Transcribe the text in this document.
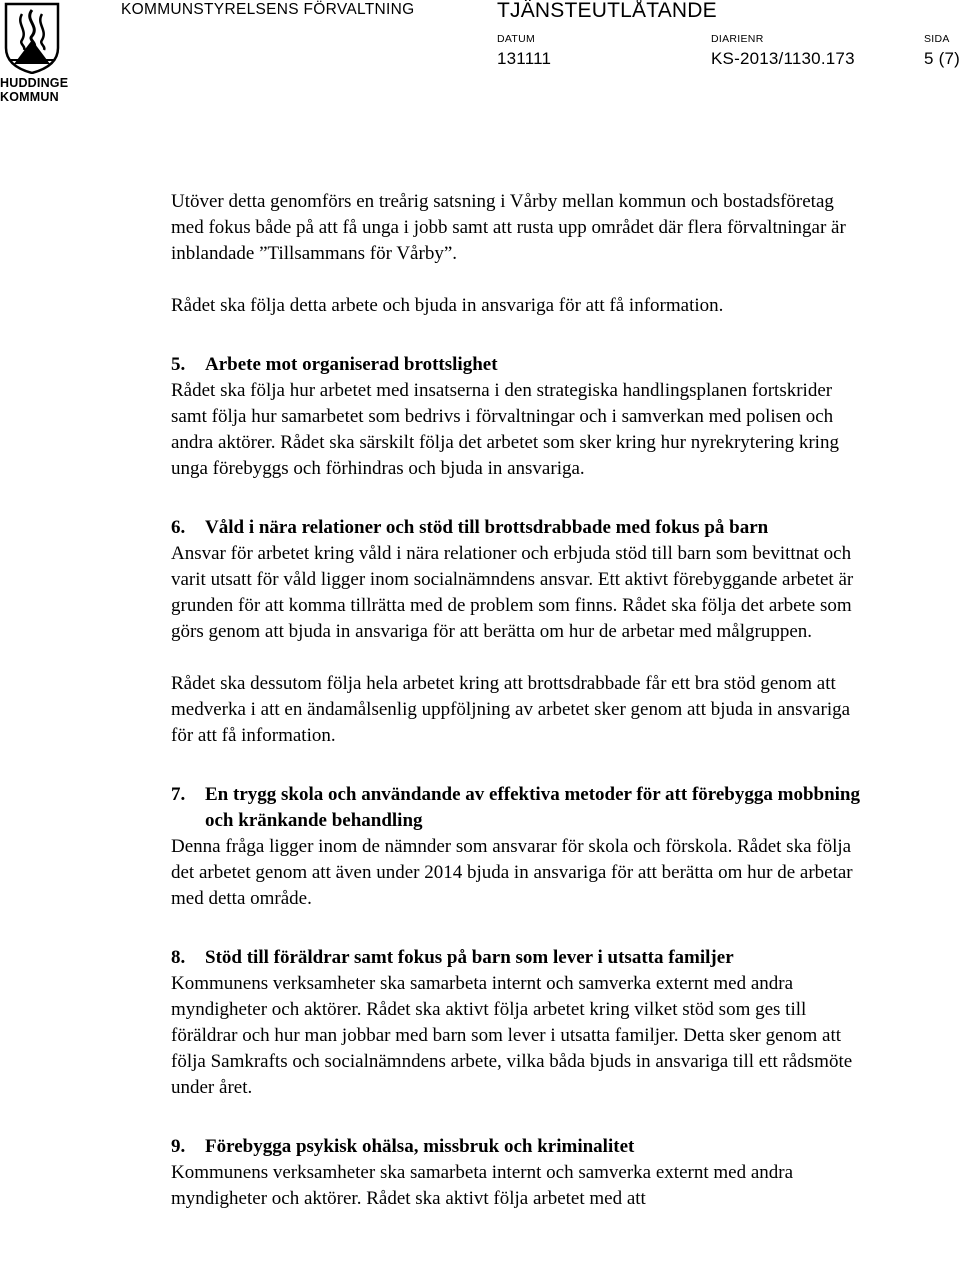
HUDDINGE
KOMMUN
KOMMUNSTYRELSENS FÖRVALTNING	TJÄNSTEUTLÅTANDE
DATUM	DIARIENR	SIDA
131111	KS-2013/1130.173	5 (7)

Utöver detta genomförs en treårig satsning i Vårby mellan kommun och bostadsföretag med fokus både på att få unga i jobb samt att rusta upp området där flera förvaltningar är inblandade ”Tillsammans för Vårby”.

Rådet ska följa detta arbete och bjuda in ansvariga för att få information.

5.	Arbete mot organiserad brottslighet

Rådet ska följa hur arbetet med insatserna i den strategiska handlingsplanen fortskrider samt följa hur samarbetet som bedrivs i förvaltningar och i samverkan med polisen och andra aktörer. Rådet ska särskilt följa det arbetet som sker kring hur nyrekrytering kring unga förebyggs och förhindras och bjuda in ansvariga.

6.	Våld i nära relationer och stöd till brottsdrabbade med fokus på barn

Ansvar för arbetet kring våld i nära relationer och erbjuda stöd till barn som bevittnat och varit utsatt för våld ligger inom socialnämndens ansvar. Ett aktivt förebyggande arbetet är grunden för att komma tillrätta med de problem som finns. Rådet ska följa det arbete som görs genom att bjuda in ansvariga för att berätta om hur de arbetar med målgruppen.

Rådet ska dessutom följa hela arbetet kring att brottsdrabbade får ett bra stöd genom att medverka i att en ändamålsenlig uppföljning av arbetet sker genom att bjuda in ansvariga för att få information.

7.	En trygg skola och användande av effektiva metoder för att förebygga mobbning och kränkande behandling

Denna fråga ligger inom de nämnder som ansvarar för skola och förskola. Rådet ska följa det arbetet genom att även under 2014 bjuda in ansvariga för att berätta om hur de arbetar med detta område.

8.	Stöd till föräldrar samt fokus på barn som lever i utsatta familjer

Kommunens verksamheter ska samarbeta internt och samverka externt med andra myndigheter och aktörer. Rådet ska aktivt följa arbetet kring vilket stöd som ges till föräldrar och hur man jobbar med barn som lever i utsatta familjer. Detta sker genom att följa Samkrafts och socialnämndens arbete, vilka båda bjuds in ansvariga till ett rådsmöte under året.

9.	Förebygga psykisk ohälsa, missbruk och kriminalitet

Kommunens verksamheter ska samarbeta internt och samverka externt med andra myndigheter och aktörer. Rådet ska aktivt följa arbetet med att
